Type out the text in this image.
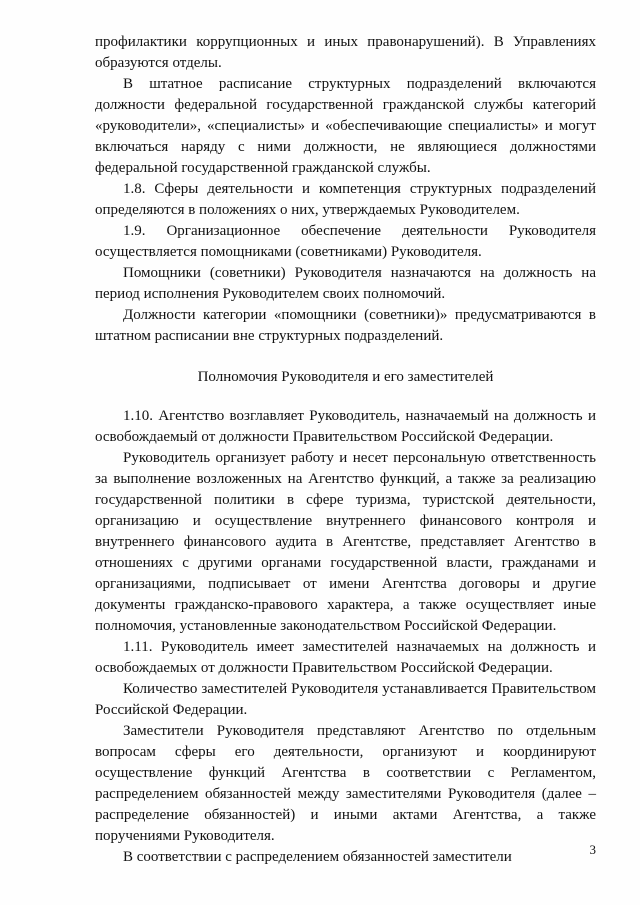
профилактики коррупционных и иных правонарушений). В Управлениях образуются отделы.

В штатное расписание структурных подразделений включаются должности федеральной государственной гражданской службы категорий «руководители», «специалисты» и «обеспечивающие специалисты» и могут включаться наряду с ними должности, не являющиеся должностями федеральной государственной гражданской службы.

1.8. Сферы деятельности и компетенция структурных подразделений определяются в положениях о них, утверждаемых Руководителем.

1.9. Организационное обеспечение деятельности Руководителя осуществляется помощниками (советниками) Руководителя.

Помощники (советники) Руководителя назначаются на должность на период исполнения Руководителем своих полномочий.

Должности категории «помощники (советники)» предусматриваются в штатном расписании вне структурных подразделений.

Полномочия Руководителя и его заместителей

1.10. Агентство возглавляет Руководитель, назначаемый на должность и освобождаемый от должности Правительством Российской Федерации.

Руководитель организует работу и несет персональную ответственность за выполнение возложенных на Агентство функций, а также за реализацию государственной политики в сфере туризма, туристской деятельности, организацию и осуществление внутреннего финансового контроля и внутреннего финансового аудита в Агентстве, представляет Агентство в отношениях с другими органами государственной власти, гражданами и организациями, подписывает от имени Агентства договоры и другие документы гражданско-правового характера, а также осуществляет иные полномочия, установленные законодательством Российской Федерации.

1.11. Руководитель имеет заместителей назначаемых на должность и освобождаемых от должности Правительством Российской Федерации.

Количество заместителей Руководителя устанавливается Правительством Российской Федерации.

Заместители Руководителя представляют Агентство по отдельным вопросам сферы его деятельности, организуют и координируют осуществление функций Агентства в соответствии с Регламентом, распределением обязанностей между заместителями Руководителя (далее – распределение обязанностей) и иными актами Агентства, а также поручениями Руководителя.

В соответствии с распределением обязанностей заместители	3
